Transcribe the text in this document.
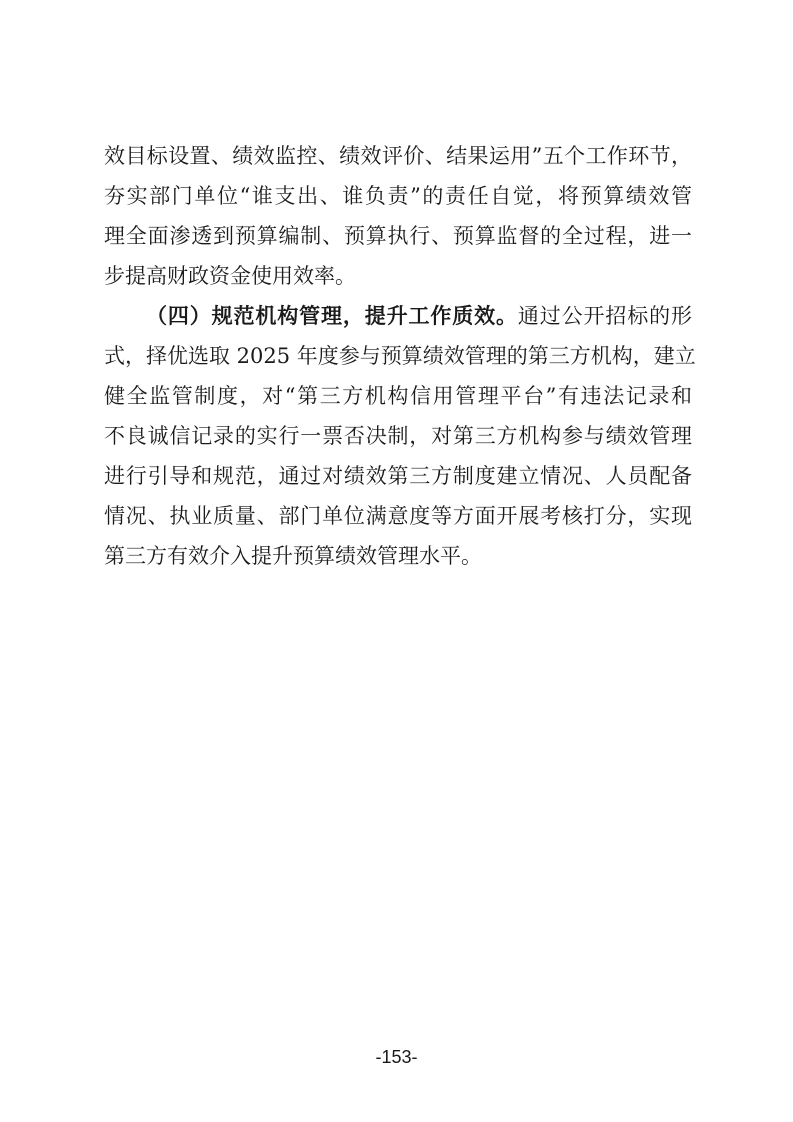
效目标设置、绩效监控、绩效评价、结果运用”五个工作环节，
夯实部门单位“谁支出、谁负责”的责任自觉，将预算绩效管
理全面渗透到预算编制、预算执行、预算监督的全过程，进一
步提高财政资金使用效率。
（四）规范机构管理，提升工作质效。通过公开招标的形
式，择优选取 2025 年度参与预算绩效管理的第三方机构，建立
健全监管制度，对“第三方机构信用管理平台”有违法记录和
不良诚信记录的实行一票否决制，对第三方机构参与绩效管理
进行引导和规范，通过对绩效第三方制度建立情况、人员配备
情况、执业质量、部门单位满意度等方面开展考核打分，实现
第三方有效介入提升预算绩效管理水平。
-153-
